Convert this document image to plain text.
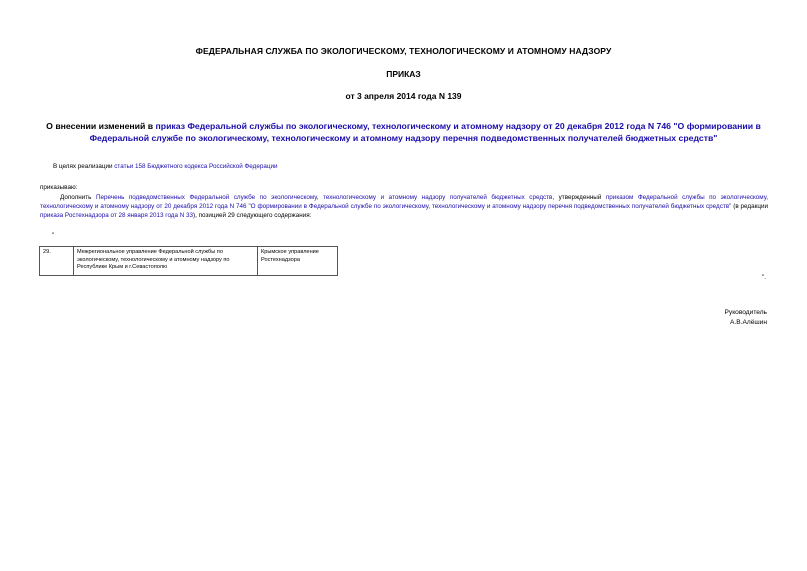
ФЕДЕРАЛЬНАЯ СЛУЖБА ПО ЭКОЛОГИЧЕСКОМУ, ТЕХНОЛОГИЧЕСКОМУ И АТОМНОМУ НАДЗОРУ
ПРИКАЗ
от 3 апреля 2014 года N 139
О внесении изменений в приказ Федеральной службы по экологическому, технологическому и атомному надзору от 20 декабря 2012 года N 746 "О формировании в Федеральной службе по экологическому, технологическому и атомному надзору перечня подведомственных получателей бюджетных средств"
В целях реализации статьи 158 Бюджетного кодекса Российской Федерации
приказываю:
Дополнить Перечень подведомственных Федеральной службе по экологическому, технологическому и атомному надзору получателей бюджетных средств, утвержденный приказом Федеральной службы по экологическому, технологическому и атомному надзору от 20 декабря 2012 года N 746 "О формировании в Федеральной службе по экологическому, технологическому и атомному надзору перечня подведомственных получателей бюджетных средств" (в редакции приказа Ростехнадзора от 28 января 2013 года N 33), позицией 29 следующего содержания:
"
29.	Межрегиональное управление Федеральной службы по экологическому, технологическому и атомному надзору по Республике Крым и г.Севастополю	Крымское управление Ростехнадзора
".
Руководитель
А.В.Алёшин
